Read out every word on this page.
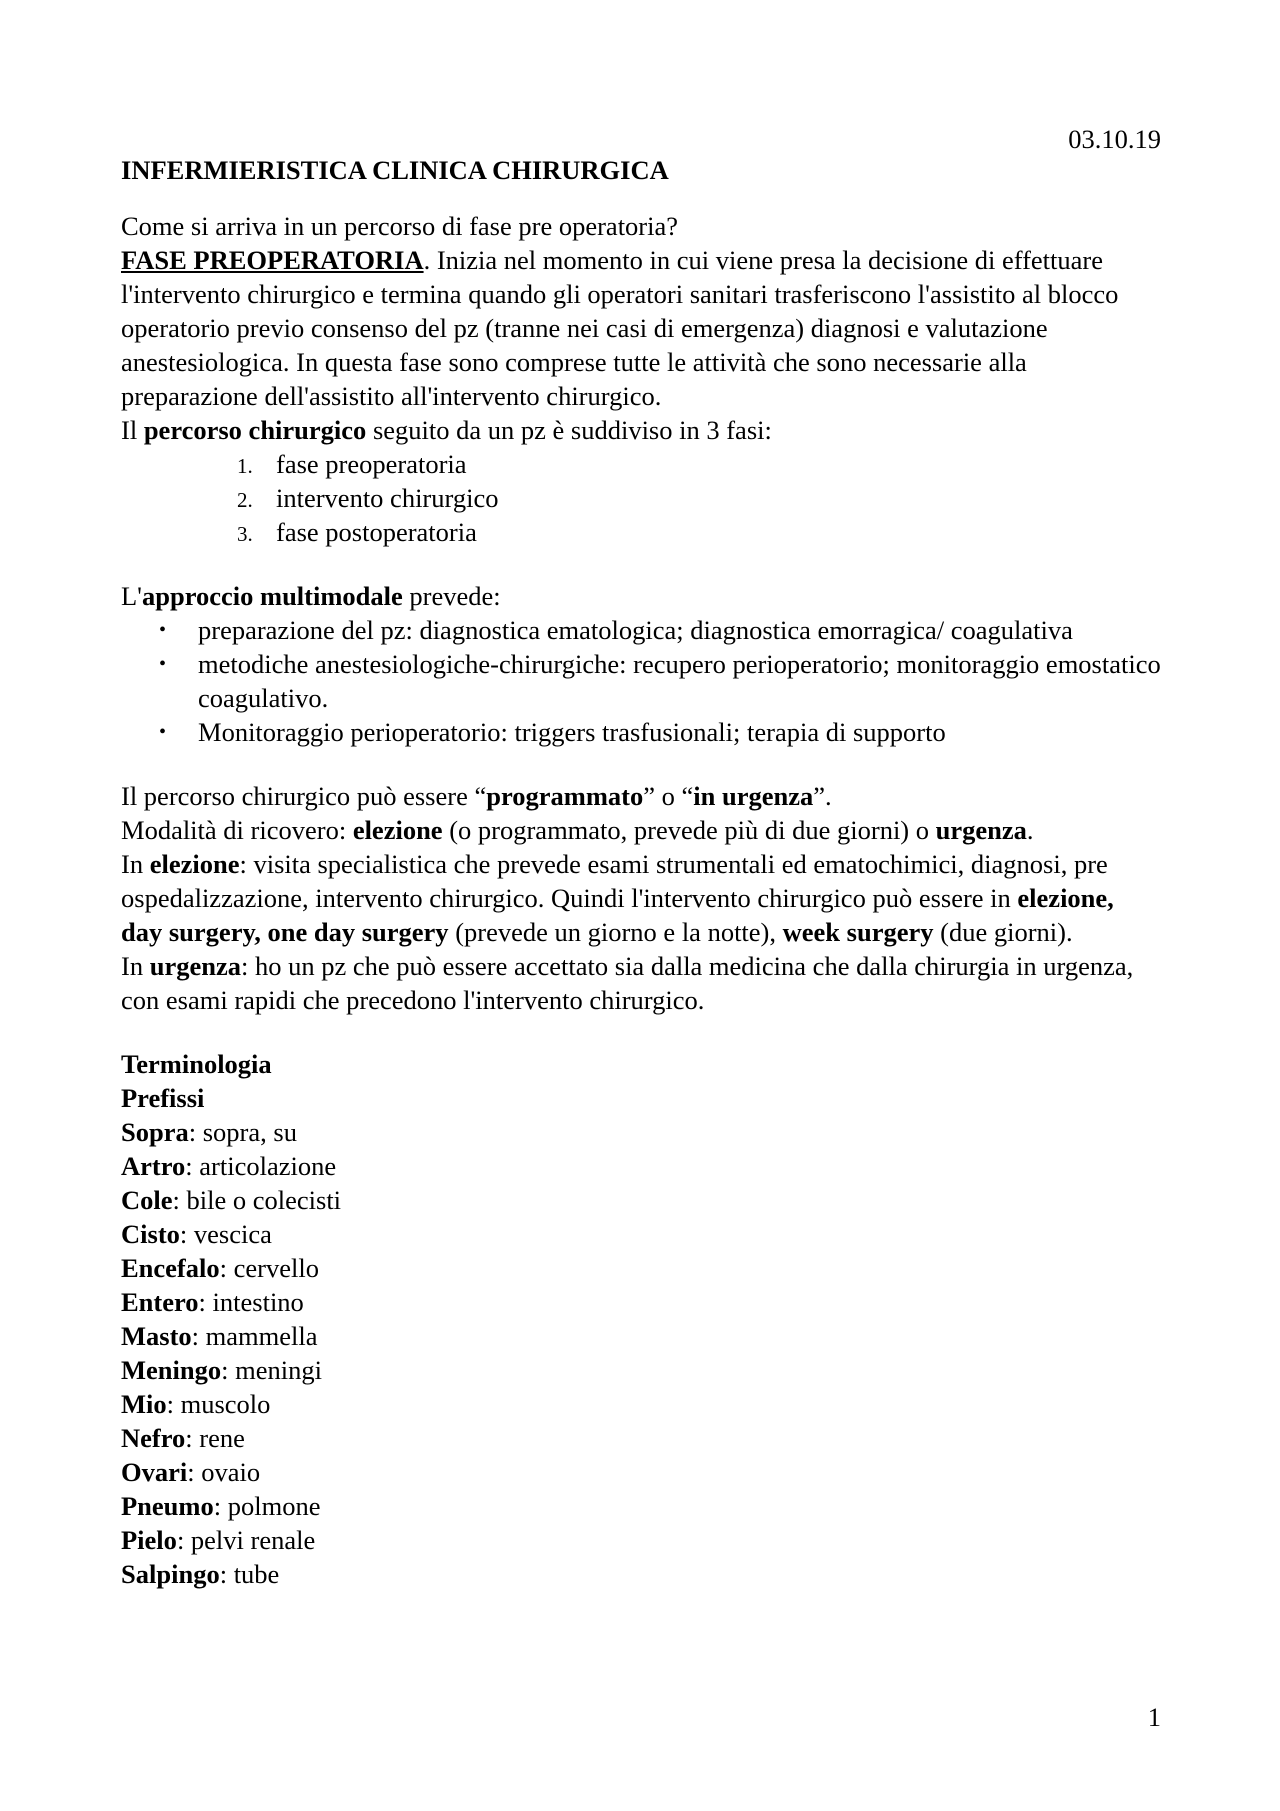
03.10.19
INFERMIERISTICA CLINICA CHIRURGICA

Come si arriva in un percorso di fase pre operatoria?

FASE PREOPERATORIA. Inizia nel momento in cui viene presa la decisione di effettuare l'intervento chirurgico e termina quando gli operatori sanitari trasferiscono l'assistito al blocco operatorio previo consenso del pz (tranne nei casi di emergenza) diagnosi e valutazione anestesiologica. In questa fase sono comprese tutte le attività che sono necessarie alla preparazione dell'assistito all'intervento chirurgico.

Il percorso chirurgico seguito da un pz è suddiviso in 3 fasi:

1. fase preoperatoria
2. intervento chirurgico
3. fase postoperatoria

L'approccio multimodale prevede:

• preparazione del pz: diagnostica ematologica; diagnostica emorragica/ coagulativa
• metodiche anestesiologiche-chirurgiche: recupero perioperatorio; monitoraggio emostatico coagulativo.
• Monitoraggio perioperatorio: triggers trasfusionali; terapia di supporto

Il percorso chirurgico può essere “programmato” o “in urgenza”.

Modalità di ricovero: elezione (o programmato, prevede più di due giorni) o urgenza.

In elezione: visita specialistica che prevede esami strumentali ed ematochimici, diagnosi, pre ospedalizzazione, intervento chirurgico. Quindi l'intervento chirurgico può essere in elezione, day surgery, one day surgery (prevede un giorno e la notte), week surgery (due giorni).

In urgenza: ho un pz che può essere accettato sia dalla medicina che dalla chirurgia in urgenza, con esami rapidi che precedono l'intervento chirurgico.

Terminologia

Prefissi

Sopra: sopra, su

Artro: articolazione

Cole: bile o colecisti

Cisto: vescica

Encefalo: cervello

Entero: intestino

Masto: mammella

Meningo: meningi

Mio: muscolo

Nefro: rene

Ovari: ovaio

Pneumo: polmone

Pielo: pelvi renale

Salpingo: tube

1
